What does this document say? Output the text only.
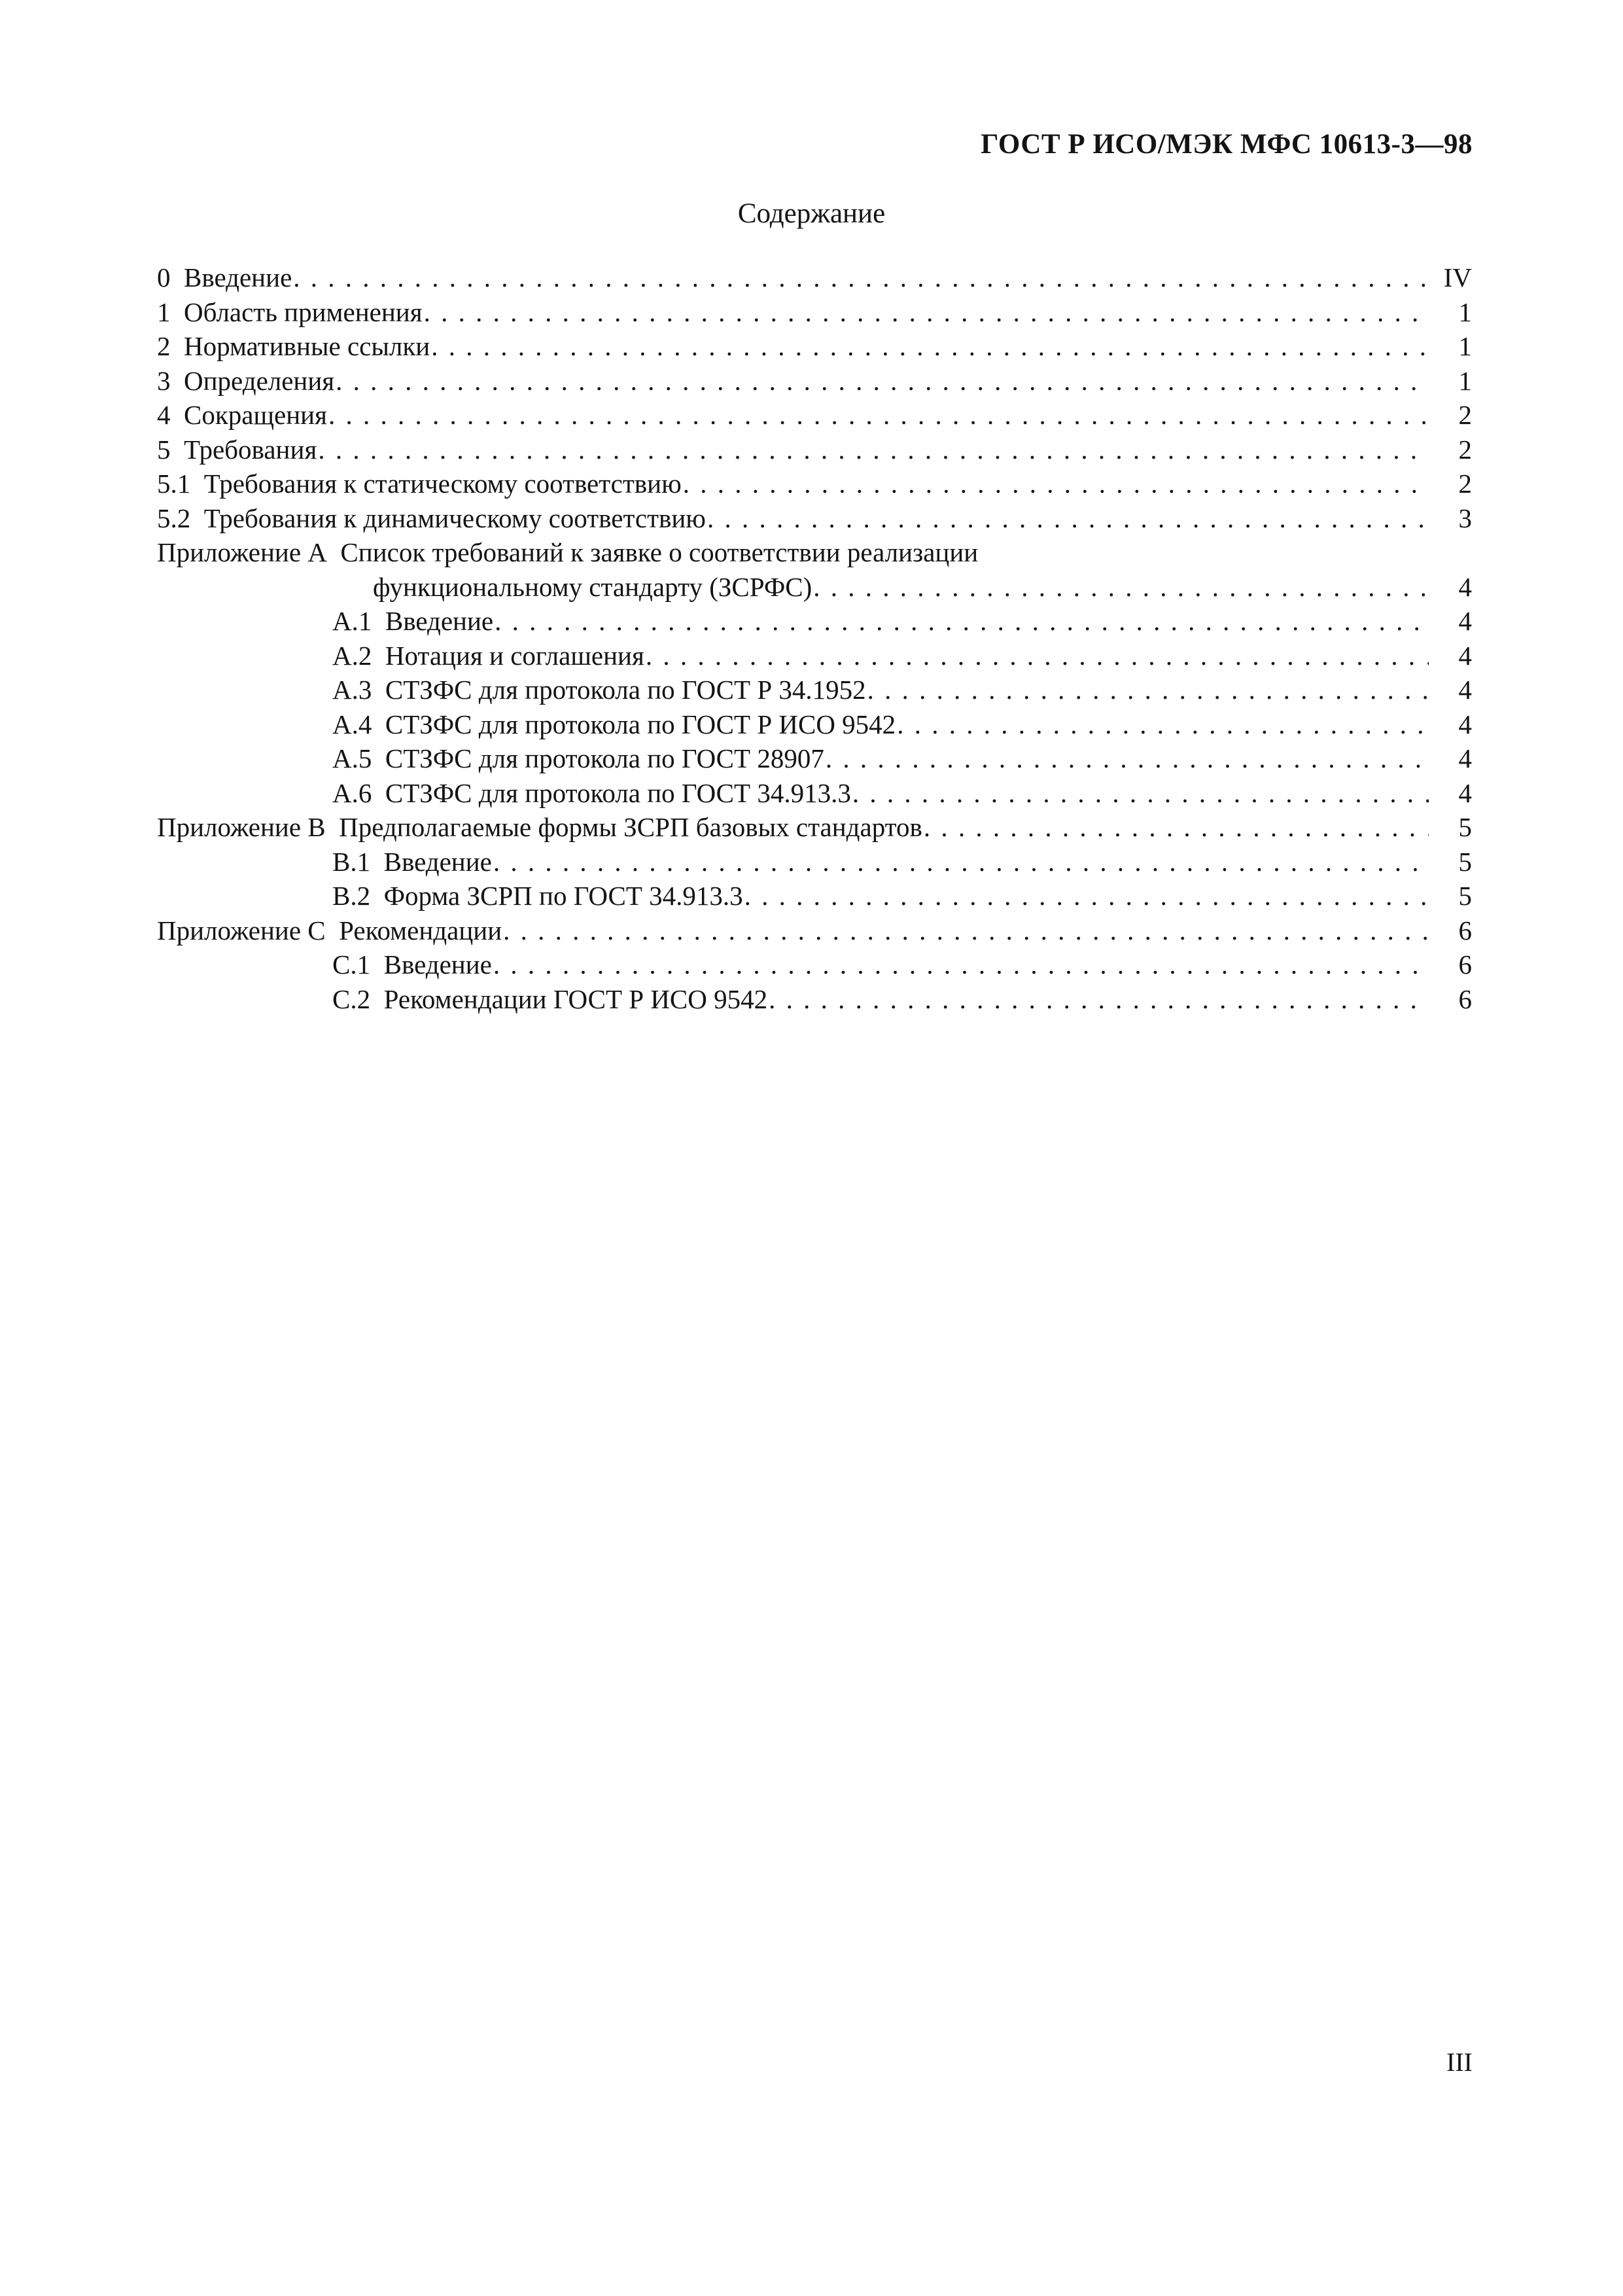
ГОСТ Р ИСО/МЭК МФС 10613-3—98
Содержание
0 Введение . . .	IV
1 Область применения . . .	1
2 Нормативные ссылки . . .	1
3 Определения . . .	1
4 Сокращения . . .	2
5 Требования . . .	2
5.1 Требования к статическому соответствию . . .	2
5.2 Требования к динамическому соответствию . . .	3
Приложение А Список требований к заявке о соответствии реализации
функциональному стандарту (ЗСРФС) . . .	4
А.1 Введение . . .	4
А.2 Нотация и соглашения . . .	4
А.3 СТЗФС для протокола по ГОСТ Р 34.1952 . . .	4
А.4 СТЗФС для протокола по ГОСТ Р ИСО 9542 . . .	4
А.5 СТЗФС для протокола по ГОСТ 28907 . . .	4
А.6 СТЗФС для протокола по ГОСТ 34.913.3 . . .	4
Приложение В Предполагаемые формы ЗСРП базовых стандартов . . .	5
В.1 Введение . . .	5
В.2 Форма ЗСРП по ГОСТ 34.913.3 . . .	5
Приложение С Рекомендации . . .	6
С.1 Введение . . .	6
С.2 Рекомендации ГОСТ Р ИСО 9542 . . .	6
III
